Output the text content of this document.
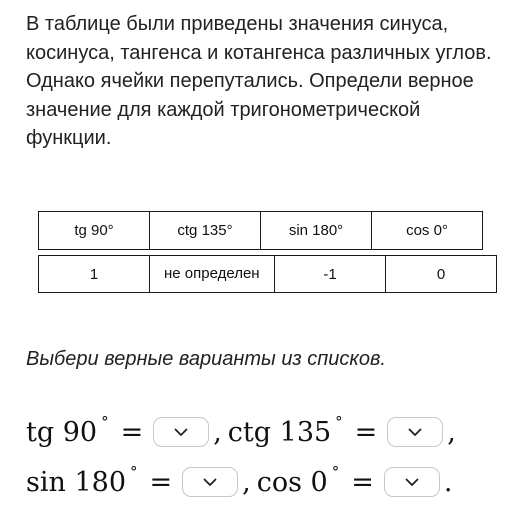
В таблице были приведены значения синуса, косинуса, тангенса и котангенса различных углов. Однако ячейки перепутались. Определи верное значение для каждой тригонометрической функции.

tg 90°	ctg 135°	sin 180°	cos 0°
1	не определен	-1	0

Выбери верные варианты из списков.

tg 90 ° =	, ctg 135 ° =	,
sin 180 ° =	, cos 0 ° =	.
